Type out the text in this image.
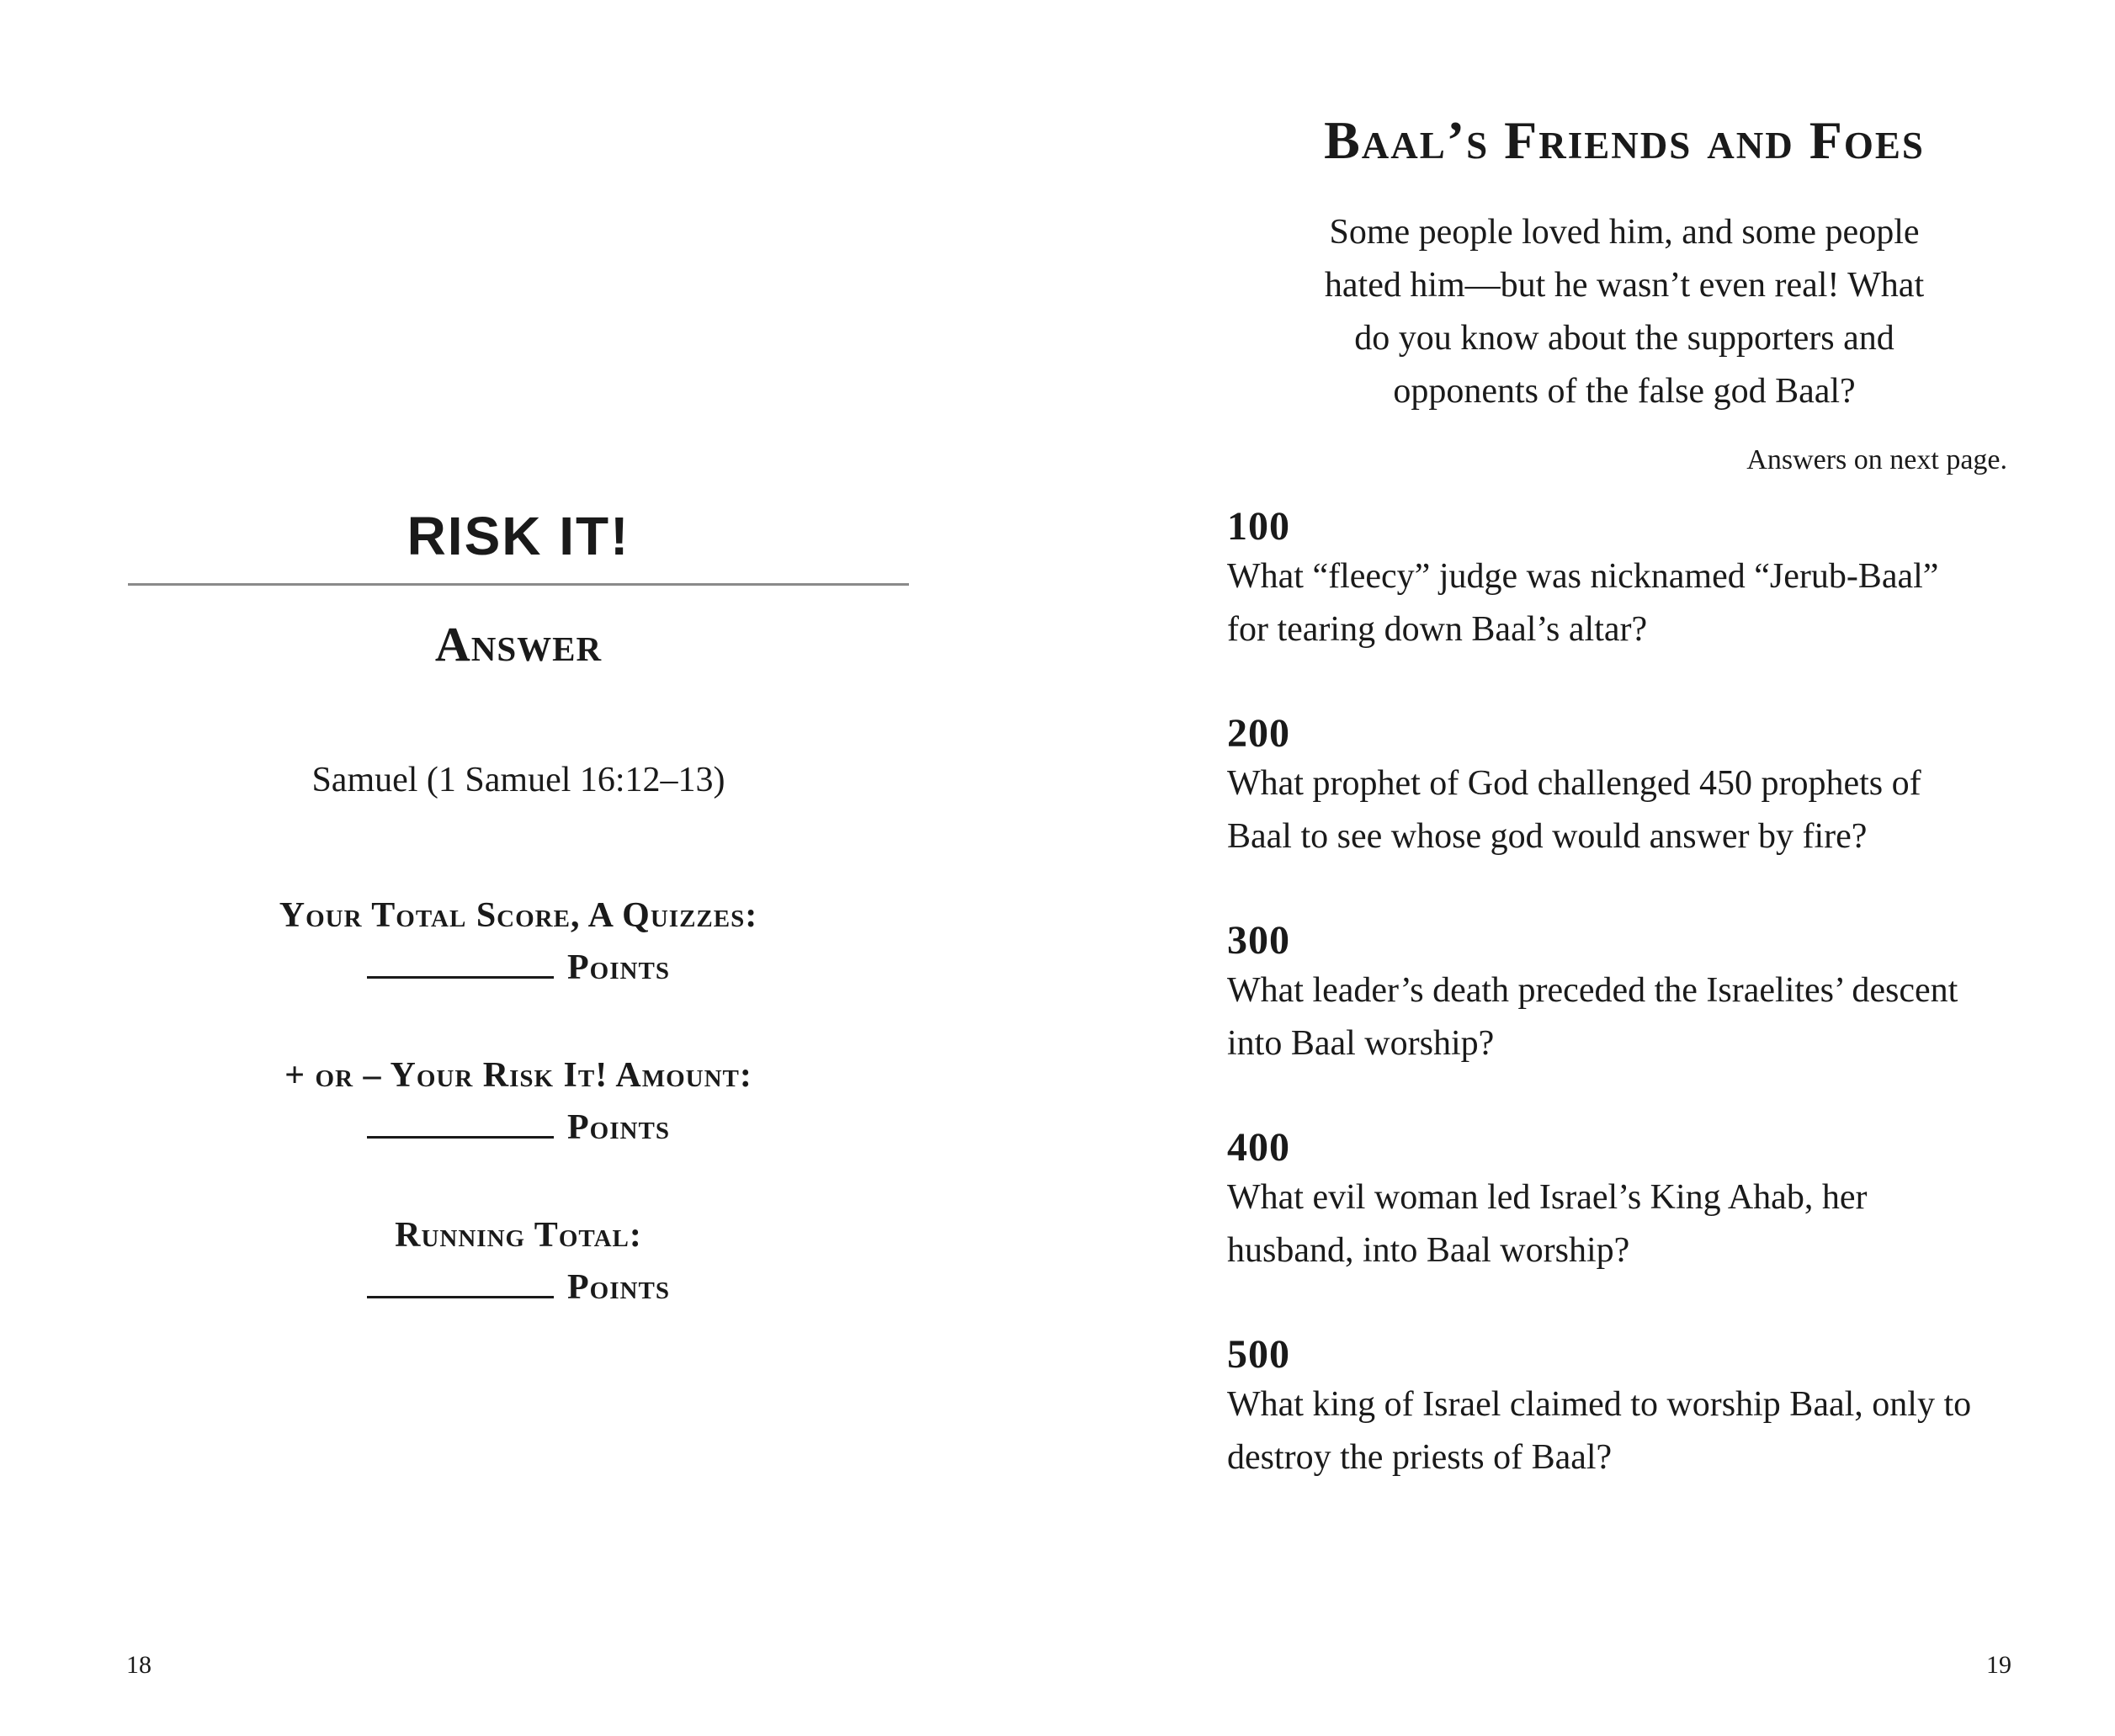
RISK IT!
Answer
Samuel (1 Samuel 16:12–13)
Your Total Score, A Quizzes:
Points
+ or – Your Risk It! Amount:
Points
Running Total:
Points
18
Baal’s Friends and Foes

Some people loved him, and some people
hated him—but he wasn’t even real! What
do you know about the supporters and
opponents of the false god Baal?

Answers on next page.

100
What “fleecy” judge was nicknamed “Jerub-Baal”
for tearing down Baal’s altar?
200
What prophet of God challenged 450 prophets of
Baal to see whose god would answer by fire?
300
What leader’s death preceded the Israelites’ descent
into Baal worship?
400
What evil woman led Israel’s King Ahab, her
husband, into Baal worship?
500
What king of Israel claimed to worship Baal, only to
destroy the priests of Baal?
19
